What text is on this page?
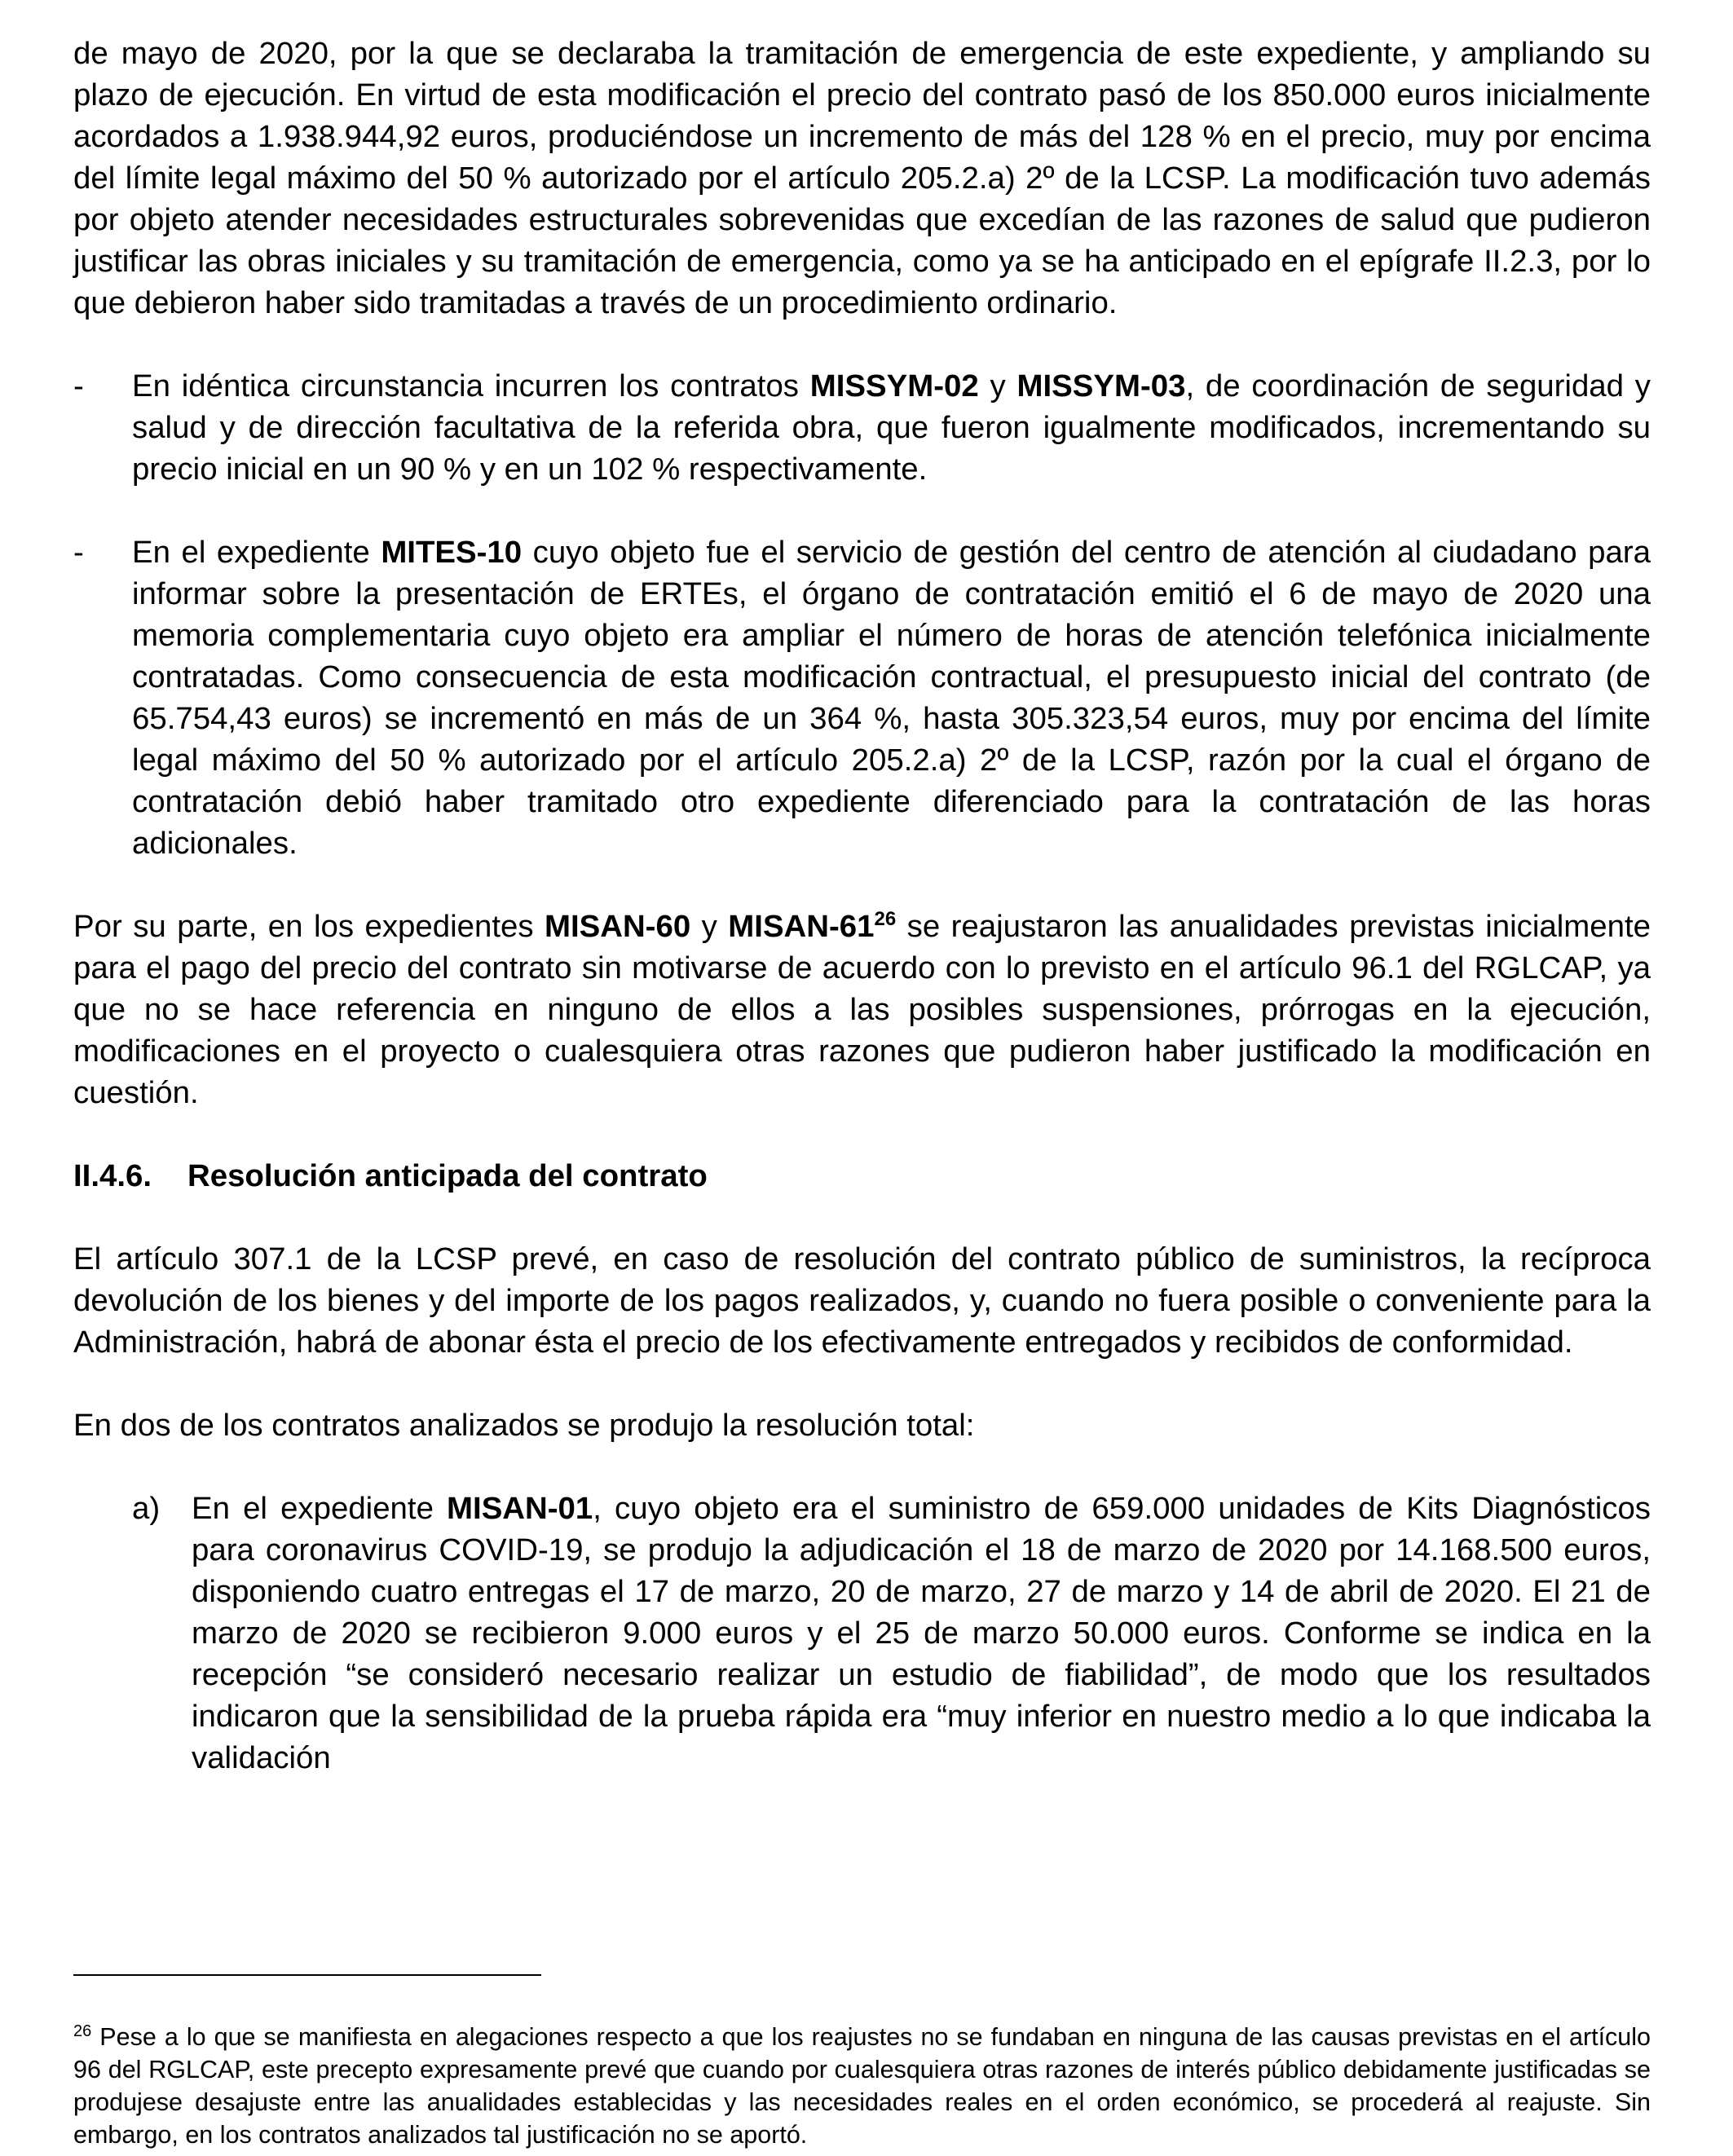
de mayo de 2020, por la que se declaraba la tramitación de emergencia de este expediente, y ampliando su plazo de ejecución. En virtud de esta modificación el precio del contrato pasó de los 850.000 euros inicialmente acordados a 1.938.944,92 euros, produciéndose un incremento de más del 128 % en el precio, muy por encima del límite legal máximo del 50 % autorizado por el artículo 205.2.a) 2º de la LCSP. La modificación tuvo además por objeto atender necesidades estructurales sobrevenidas que excedían de las razones de salud que pudieron justificar las obras iniciales y su tramitación de emergencia, como ya se ha anticipado en el epígrafe II.2.3, por lo que debieron haber sido tramitadas a través de un procedimiento ordinario.

- En idéntica circunstancia incurren los contratos MISSYM-02 y MISSYM-03, de coordinación de seguridad y salud y de dirección facultativa de la referida obra, que fueron igualmente modificados, incrementando su precio inicial en un 90 % y en un 102 % respectivamente.

- En el expediente MITES-10 cuyo objeto fue el servicio de gestión del centro de atención al ciudadano para informar sobre la presentación de ERTEs, el órgano de contratación emitió el 6 de mayo de 2020 una memoria complementaria cuyo objeto era ampliar el número de horas de atención telefónica inicialmente contratadas. Como consecuencia de esta modificación contractual, el presupuesto inicial del contrato (de 65.754,43 euros) se incrementó en más de un 364 %, hasta 305.323,54 euros, muy por encima del límite legal máximo del 50 % autorizado por el artículo 205.2.a) 2º de la LCSP, razón por la cual el órgano de contratación debió haber tramitado otro expediente diferenciado para la contratación de las horas adicionales.

Por su parte, en los expedientes MISAN-60 y MISAN-$61^{26}$ se reajustaron las anualidades previstas inicialmente para el pago del precio del contrato sin motivarse de acuerdo con lo previsto en el artículo 96.1 del RGLCAP, ya que no se hace referencia en ninguno de ellos a las posibles suspensiones, prórrogas en la ejecución, modificaciones en el proyecto o cualesquiera otras razones que pudieron haber justificado la modificación en cuestión.

II.4.6. Resolución anticipada del contrato

El artículo 307.1 de la LCSP prevé, en caso de resolución del contrato público de suministros, la recíproca devolución de los bienes y del importe de los pagos realizados, y, cuando no fuera posible o conveniente para la Administración, habrá de abonar ésta el precio de los efectivamente entregados y recibidos de conformidad.

En dos de los contratos analizados se produjo la resolución total:

a) En el expediente MISAN-01, cuyo objeto era el suministro de 659.000 unidades de Kits Diagnósticos para coronavirus COVID-19, se produjo la adjudicación el 18 de marzo de 2020 por 14.168.500 euros, disponiendo cuatro entregas el 17 de marzo, 20 de marzo, 27 de marzo y 14 de abril de 2020. El 21 de marzo de 2020 se recibieron 9.000 euros y el 25 de marzo 50.000 euros. Conforme se indica en la recepción “se consideró necesario realizar un estudio de fiabilidad”, de modo que los resultados indicaron que la sensibilidad de la prueba rápida era “muy inferior en nuestro medio a lo que indicaba la validación

$^{26}$ Pese a lo que se manifiesta en alegaciones respecto a que los reajustes no se fundaban en ninguna de las causas previstas en el artículo 96 del RGLCAP, este precepto expresamente prevé que cuando por cualesquiera otras razones de interés público debidamente justificadas se produjese desajuste entre las anualidades establecidas y las necesidades reales en el orden económico, se procederá al reajuste. Sin embargo, en los contratos analizados tal justificación no se aportó.
